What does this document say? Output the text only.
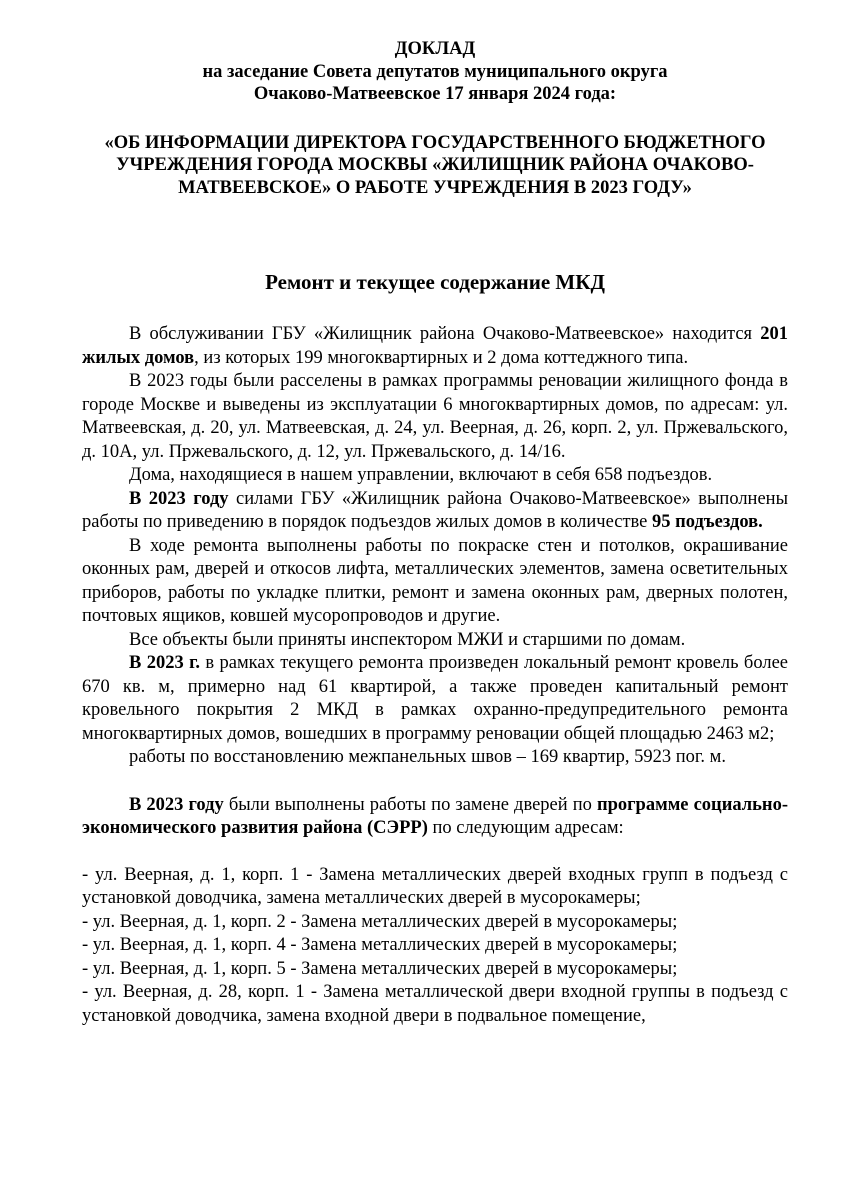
ДОКЛАД
на заседание Совета депутатов муниципального округа
Очаково-Матвеевское 17 января 2024 года:
«ОБ ИНФОРМАЦИИ ДИРЕКТОРА ГОСУДАРСТВЕННОГО БЮДЖЕТНОГО УЧРЕЖДЕНИЯ ГОРОДА МОСКВЫ «ЖИЛИЩНИК РАЙОНА ОЧАКОВО-МАТВЕЕВСКОЕ» О РАБОТЕ УЧРЕЖДЕНИЯ В 2023 ГОДУ»
Ремонт и текущее содержание МКД

В обслуживании ГБУ «Жилищник района Очаково-Матвеевское» находится 201 жилых домов, из которых 199 многоквартирных и 2 дома коттеджного типа.

В 2023 годы были расселены в рамках программы реновации жилищного фонда в городе Москве и выведены из эксплуатации 6 многоквартирных домов, по адресам: ул. Матвеевская, д. 20, ул. Матвеевская, д. 24, ул. Веерная, д. 26, корп. 2, ул. Пржевальского, д. 10А, ул. Пржевальского, д. 12, ул. Пржевальского, д. 14/16.

Дома, находящиеся в нашем управлении, включают в себя 658 подъездов.

В 2023 году силами ГБУ «Жилищник района Очаково-Матвеевское» выполнены работы по приведению в порядок подъездов жилых домов в количестве 95 подъездов.

В ходе ремонта выполнены работы по покраске стен и потолков, окрашивание оконных рам, дверей и откосов лифта, металлических элементов, замена осветительных приборов, работы по укладке плитки, ремонт и замена оконных рам, дверных полотен, почтовых ящиков, ковшей мусоропроводов и другие.

Все объекты были приняты инспектором МЖИ и старшими по домам.

В 2023 г. в рамках текущего ремонта произведен локальный ремонт кровель более 670 кв. м, примерно над 61 квартирой, а также проведен капитальный ремонт кровельного покрытия 2 МКД в рамках охранно-предупредительного ремонта многоквартирных домов, вошедших в программу реновации общей площадью 2463 м2;

работы по восстановлению межпанельных швов – 169 квартир, 5923 пог. м.

В 2023 году были выполнены работы по замене дверей по программе социально-экономического развития района (СЭРР) по следующим адресам:

- ул. Веерная, д. 1, корп. 1 - Замена металлических дверей входных групп в подъезд с установкой доводчика, замена металлических дверей в мусорокамеры;

- ул. Веерная, д. 1, корп. 2 - Замена металлических дверей в мусорокамеры;

- ул. Веерная, д. 1, корп. 4 - Замена металлических дверей в мусорокамеры;

- ул. Веерная, д. 1, корп. 5 - Замена металлических дверей в мусорокамеры;

- ул. Веерная, д. 28, корп. 1 - Замена металлической двери входной группы в подъезд с установкой доводчика, замена входной двери в подвальное помещение,
